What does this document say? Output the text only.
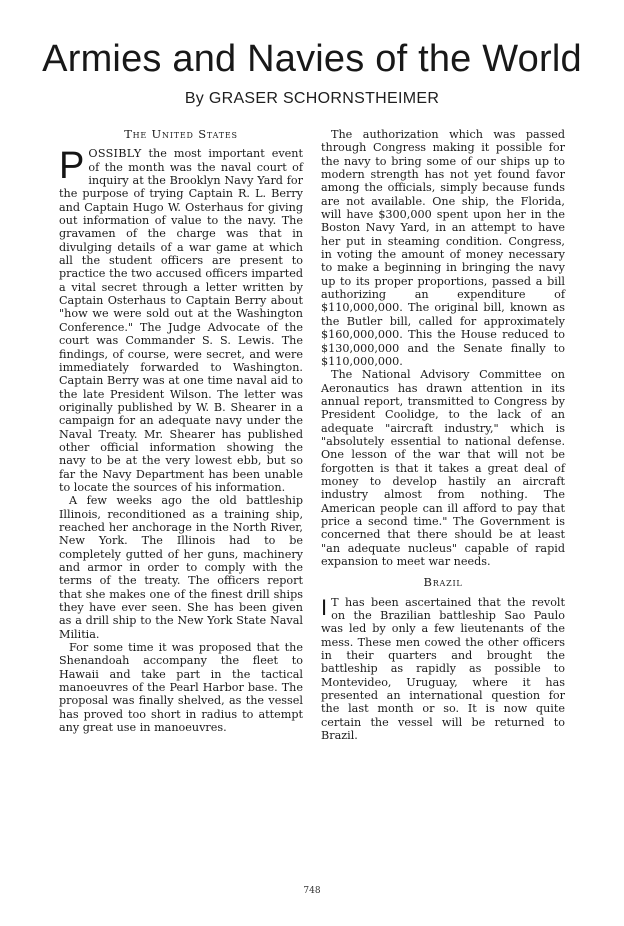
Armies and Navies of the World
By GRASER SCHORNSTHEIMER
The United States

POSSIBLY the most important event of the month was the naval court of inquiry at the Brooklyn Navy Yard for the purpose of trying Captain R. L. Berry and Captain Hugo W. Osterhaus for giving out information of value to the navy. The gravamen of the charge was that in divulging details of a war game at which all the student officers are present to practice the two accused officers imparted a vital secret through a letter written by Captain Osterhaus to Captain Berry about "how we were sold out at the Washington Conference." The Judge Advocate of the court was Commander S. S. Lewis. The findings, of course, were secret, and were immediately forwarded to Washington. Captain Berry was at one time naval aid to the late President Wilson. The letter was originally published by W. B. Shearer in a campaign for an adequate navy under the Naval Treaty. Mr. Shearer has published other official information showing the navy to be at the very lowest ebb, but so far the Navy Department has been unable to locate the sources of his information.

A few weeks ago the old battleship Illinois, reconditioned as a training ship, reached her anchorage in the North River, New York. The Illinois had to be completely gutted of her guns, machinery and armor in order to comply with the terms of the treaty. The officers report that she makes one of the finest drill ships they have ever seen. She has been given as a drill ship to the New York State Naval Militia.

For some time it was proposed that the Shenandoah accompany the fleet to Hawaii and take part in the tactical manoeuvres of the Pearl Harbor base. The proposal was finally shelved, as the vessel has proved too short in radius to attempt any great use in manoeuvres.

The authorization which was passed through Congress making it possible for the navy to bring some of our ships up to modern strength has not yet found favor among the officials, simply because funds are not available. One ship, the Florida, will have $300,000 spent upon her in the Boston Navy Yard, in an attempt to have her put in steaming condition. Congress, in voting the amount of money necessary to make a beginning in bringing the navy up to its proper proportions, passed a bill authorizing an expenditure of $110,000,000. The original bill, known as the Butler bill, called for approximately $160,000,000. This the House reduced to $130,000,000 and the Senate finally to $110,000,000.

The National Advisory Committee on Aeronautics has drawn attention in its annual report, transmitted to Congress by President Coolidge, to the lack of an adequate "aircraft industry," which is "absolutely essential to national defense. One lesson of the war that will not be forgotten is that it takes a great deal of money to develop hastily an aircraft industry almost from nothing. The American people can ill afford to pay that price a second time." The Government is concerned that there should be at least "an adequate nucleus" capable of rapid expansion to meet war needs.

Brazil

I T has been ascertained that the revolt on the Brazilian battleship Sao Paulo was led by only a few lieutenants of the mess. These men cowed the other officers in their quarters and brought the battleship as rapidly as possible to Montevideo, Uruguay, where it has presented an international question for the last month or so. It is now quite certain the vessel will be returned to Brazil.

748
